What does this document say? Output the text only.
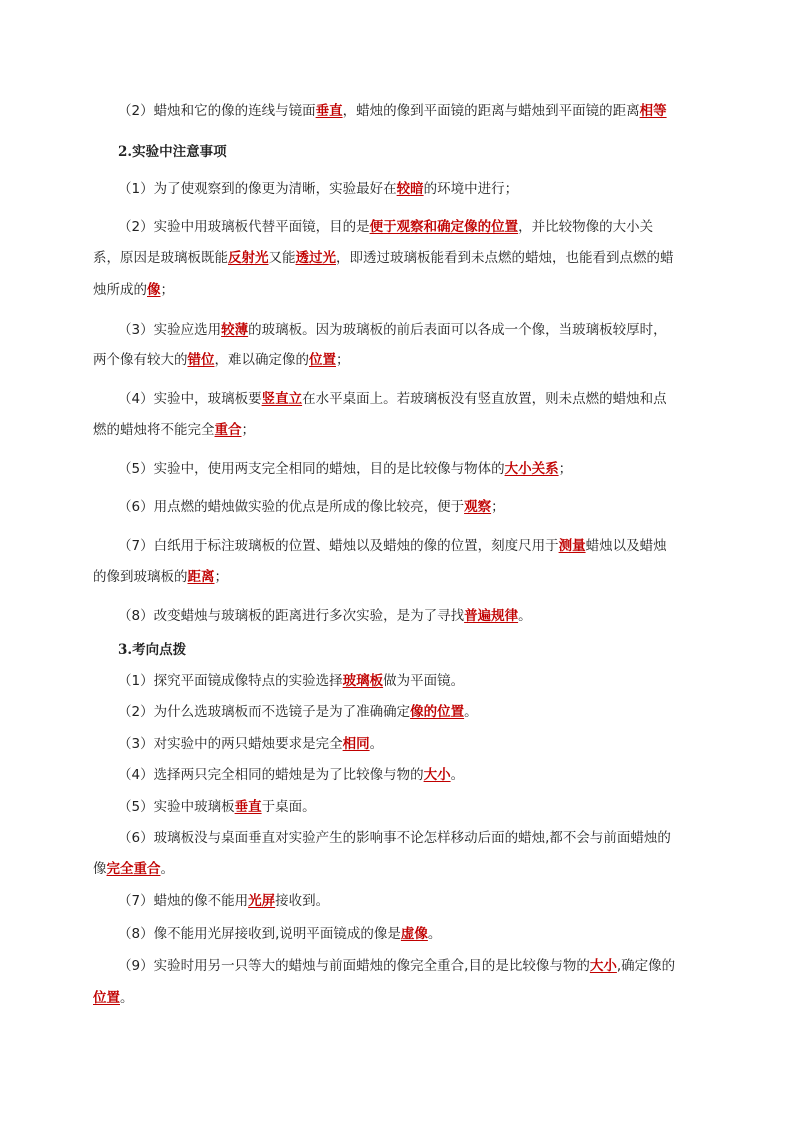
（2）蜡烛和它的像的连线与镜面垂直，蜡烛的像到平面镜的距离与蜡烛到平面镜的距离相等
2.实验中注意事项
（1）为了使观察到的像更为清晰，实验最好在较暗的环境中进行；
（2）实验中用玻璃板代替平面镜，目的是便于观察和确定像的位置，并比较物像的大小关
系，原因是玻璃板既能反射光又能透过光，即透过玻璃板能看到未点燃的蜡烛，也能看到点燃的蜡
烛所成的像；
（3）实验应选用较薄的玻璃板。因为玻璃板的前后表面可以各成一个像，当玻璃板较厚时，
两个像有较大的错位，难以确定像的位置；
（4）实验中，玻璃板要竖直立在水平桌面上。若玻璃板没有竖直放置，则未点燃的蜡烛和点
燃的蜡烛将不能完全重合；
（5）实验中，使用两支完全相同的蜡烛，目的是比较像与物体的大小关系；
（6）用点燃的蜡烛做实验的优点是所成的像比较亮，便于观察；
（7）白纸用于标注玻璃板的位置、蜡烛以及蜡烛的像的位置，刻度尺用于测量蜡烛以及蜡烛
的像到玻璃板的距离；
（8）改变蜡烛与玻璃板的距离进行多次实验，是为了寻找普遍规律。
3.考向点拨
（1）探究平面镜成像特点的实验选择玻璃板做为平面镜。
（2）为什么选玻璃板而不选镜子是为了准确确定像的位置。
（3）对实验中的两只蜡烛要求是完全相同。
（4）选择两只完全相同的蜡烛是为了比较像与物的大小。
（5）实验中玻璃板垂直于桌面。
（6）玻璃板没与桌面垂直对实验产生的影响事不论怎样移动后面的蜡烛,都不会与前面蜡烛的
像完全重合。
（7）蜡烛的像不能用光屏接收到。
（8）像不能用光屏接收到,说明平面镜成的像是虚像。
（9）实验时用另一只等大的蜡烛与前面蜡烛的像完全重合,目的是比较像与物的大小,确定像的
位置。
